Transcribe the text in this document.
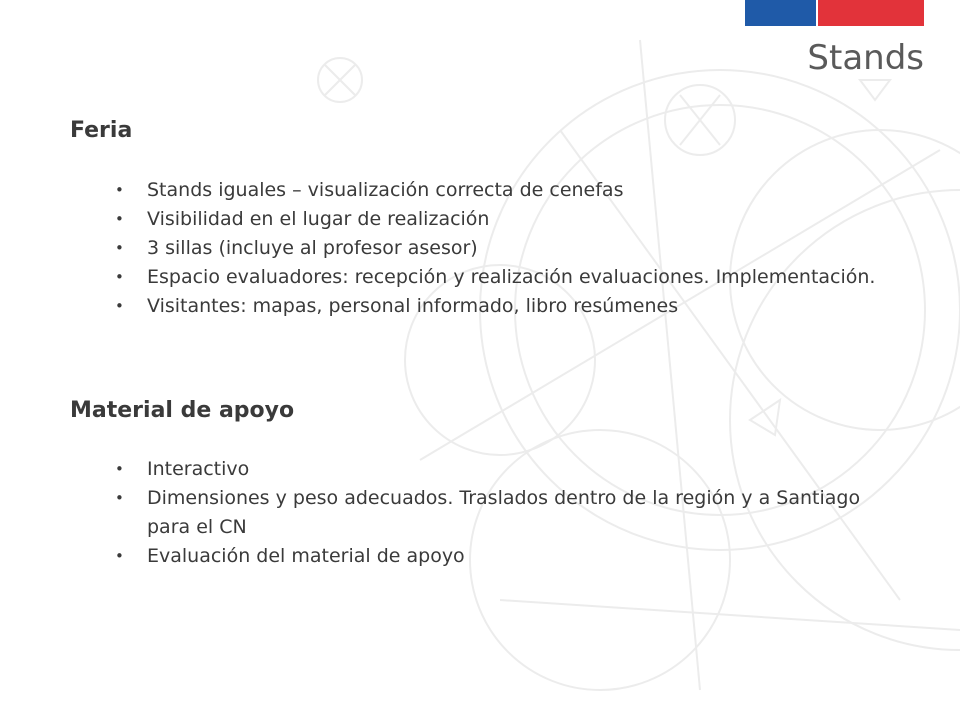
Stands
Feria
• Stands iguales – visualización correcta de cenefas
• Visibilidad en el lugar de realización
• 3 sillas (incluye al profesor asesor)
• Espacio evaluadores: recepción y realización evaluaciones. Implementación.
• Visitantes: mapas, personal informado, libro resúmenes
Material de apoyo
• Interactivo
• Dimensiones y peso adecuados. Traslados dentro de la región y a Santiago para el CN
• Evaluación del material de apoyo
